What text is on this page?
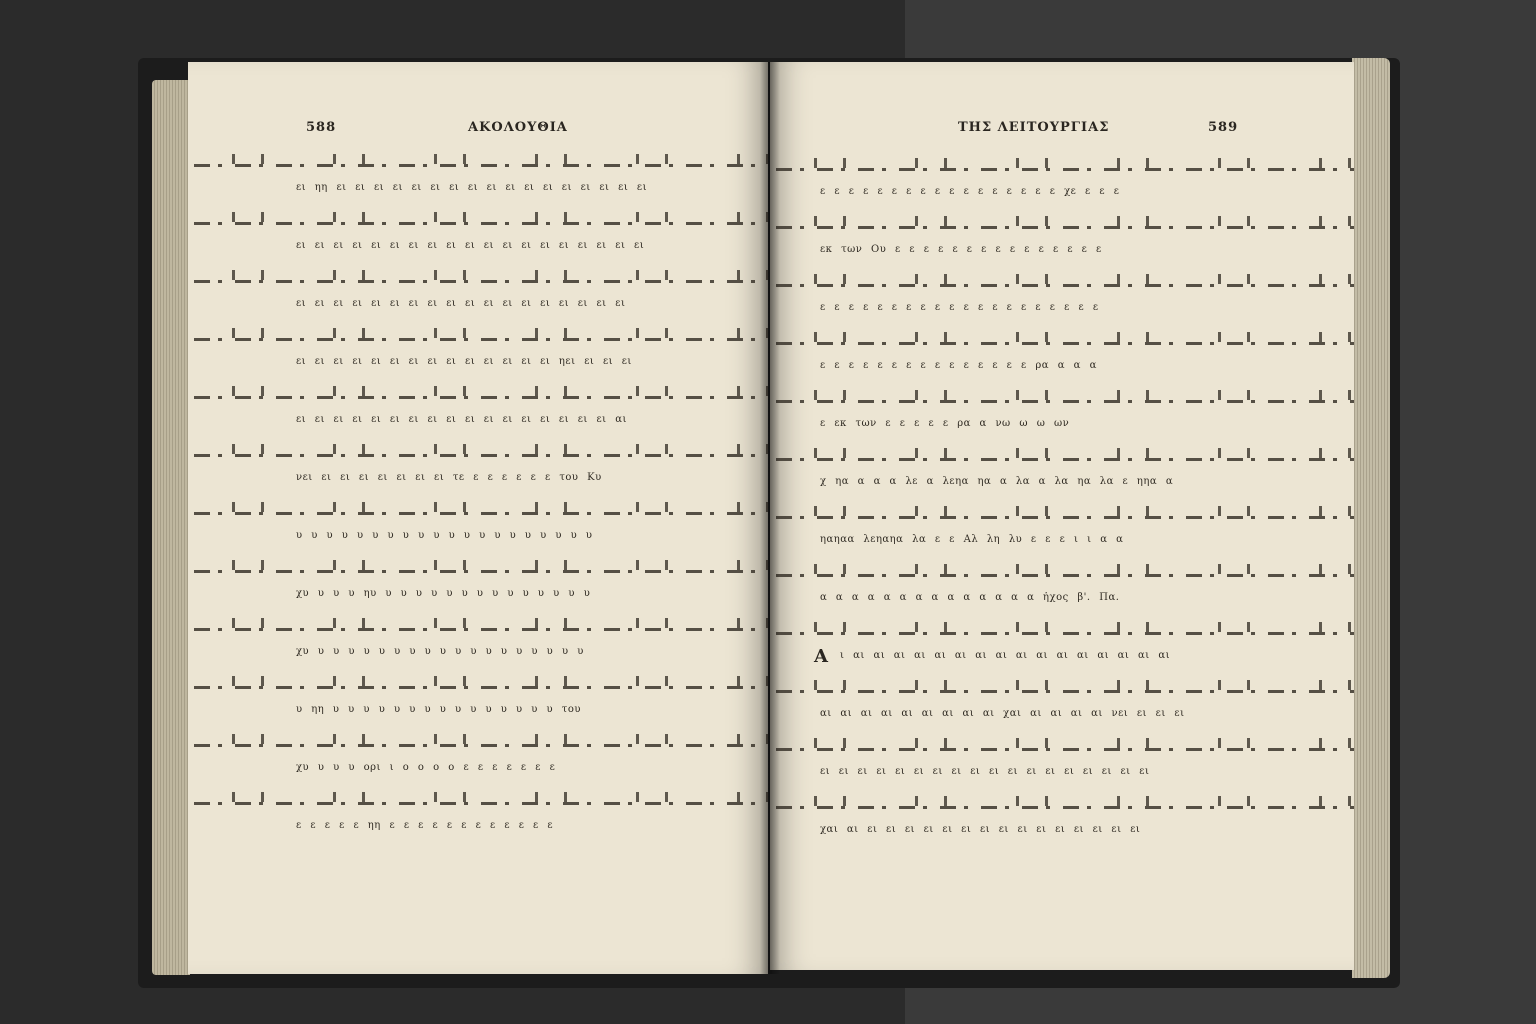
588	ΑΚΟΛΟΥΘΙΑ
ει ηη ει ει ει ει ει ει ει ει ει ει ει ει ει ει ει ει ει
ει ει ει ει ει ει ει ει ει ει ει ει ει ει ει ει ει ει ει
ει ει ει ει ει ει ει ει ει ει ει ει ει ει ει ει ει ει
ει ει ει ει ει ει ει ει ει ει ει ει ει ει ηει ει ει ει
ει ει ει ει ει ει ει ει ει ει ει ει ει ει ει ει ει αι
νει ει ει ει ει ει ει ει τε ε ε ε ε ε ε του Κυ
υ υ υ υ υ υ υ υ υ υ υ υ υ υ υ υ υ υ υ υ
χυ υ υ υ ηυ υ υ υ υ υ υ υ υ υ υ υ υ υ υ
χυ υ υ υ υ υ υ υ υ υ υ υ υ υ υ υ υ υ υ
υ ηη υ υ υ υ υ υ υ υ υ υ υ υ υ υ υ του
χυ υ υ υ ορι ι ο ο ο ο ε ε ε ε ε ε ε
ε ε ε ε ε ηη ε ε ε ε ε ε ε ε ε ε ε ε
ΤΗΣ ΛΕΙΤΟΥΡΓΙΑΣ	589
ε ε ε ε ε ε ε ε ε ε ε ε ε ε ε ε ε χε ε ε ε
εκ των Ου ε ε ε ε ε ε ε ε ε ε ε ε ε ε ε
ε ε ε ε ε ε ε ε ε ε ε ε ε ε ε ε ε ε ε ε
ε ε ε ε ε ε ε ε ε ε ε ε ε ε ε ρα α α α
ε εκ των ε ε ε ε ε ρα α νω ω ω ων
χ ηα α α α λε α λεηα ηα α λα α λα ηα λα ε ηηα α
ηαηαα λεηαηα λα ε ε Αλ λη λυ ε ε ε ι ι α α
α α α α α α α α α α α α α α ἦχος β'. Πα.
Α ι αι αι αι αι αι αι αι αι αι αι αι αι αι αι αι αι
αι αι αι αι αι αι αι αι αι χαι αι αι αι αι νει ει ει ει
ει ει ει ει ει ει ει ει ει ει ει ει ει ει ει ει ει ει
χαι αι ει ει ει ει ει ει ει ει ει ει ει ει ει ει ει
